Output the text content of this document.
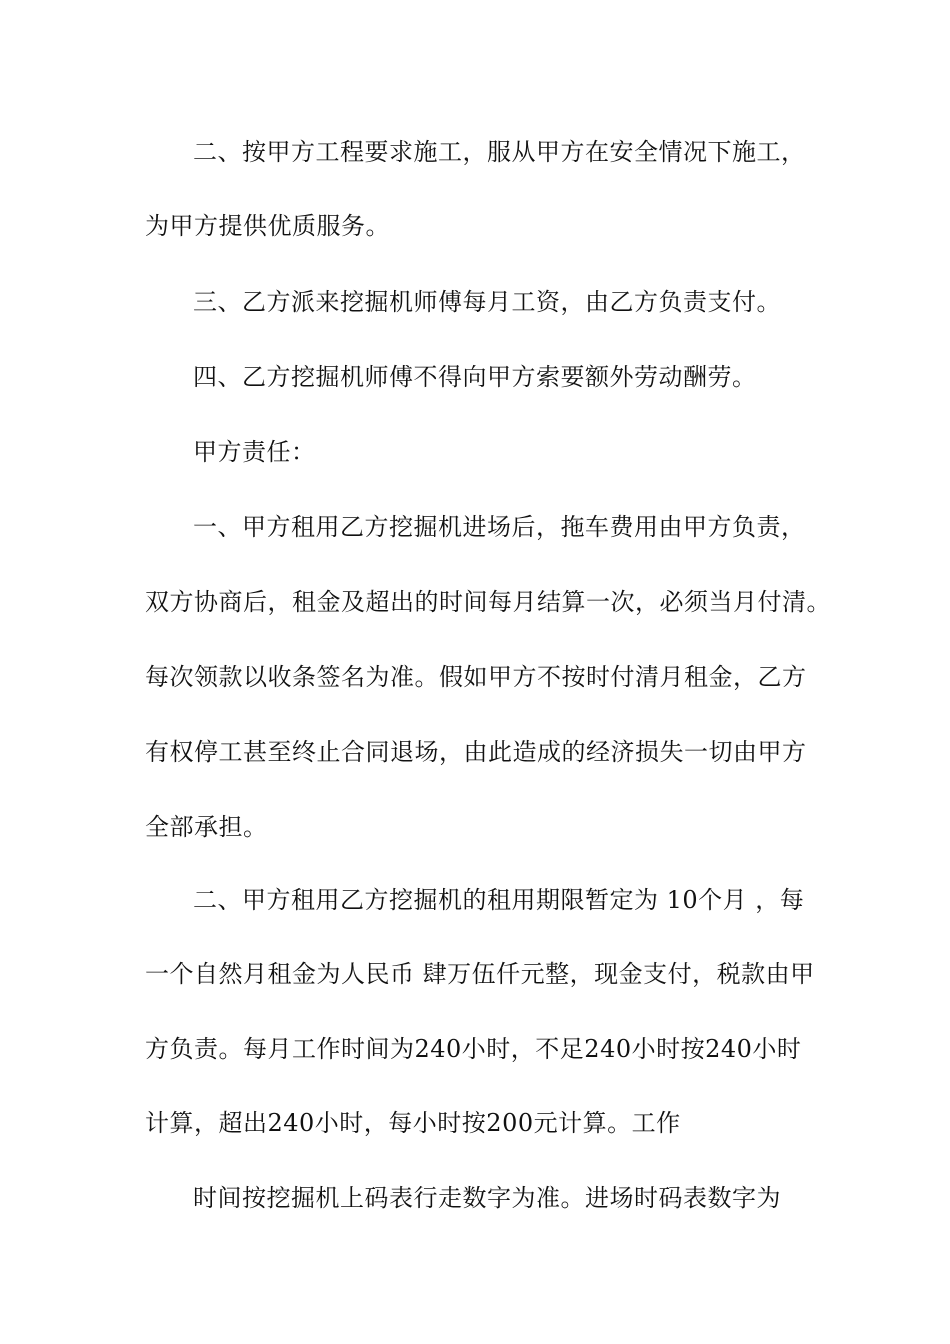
二、按甲方工程要求施工，服从甲方在安全情况下施工，

为甲方提供优质服务。

三、乙方派来挖掘机师傅每月工资，由乙方负责支付。

四、乙方挖掘机师傅不得向甲方索要额外劳动酬劳。

甲方责任：

一、甲方租用乙方挖掘机进场后，拖车费用由甲方负责，

双方协商后，租金及超出的时间每月结算一次，必须当月付清。

每次领款以收条签名为准。假如甲方不按时付清月租金，乙方

有权停工甚至终止合同退场，由此造成的经济损失一切由甲方

全部承担。

二、甲方租用乙方挖掘机的租用期限暂定为 10个月 ，每

一个自然月租金为人民币 肆万伍仟元整，现金支付，税款由甲

方负责。每月工作时间为240小时，不足240小时按240小时

计算，超出240小时，每小时按200元计算。工作

时间按挖掘机上码表行走数字为准。进场时码表数字为
